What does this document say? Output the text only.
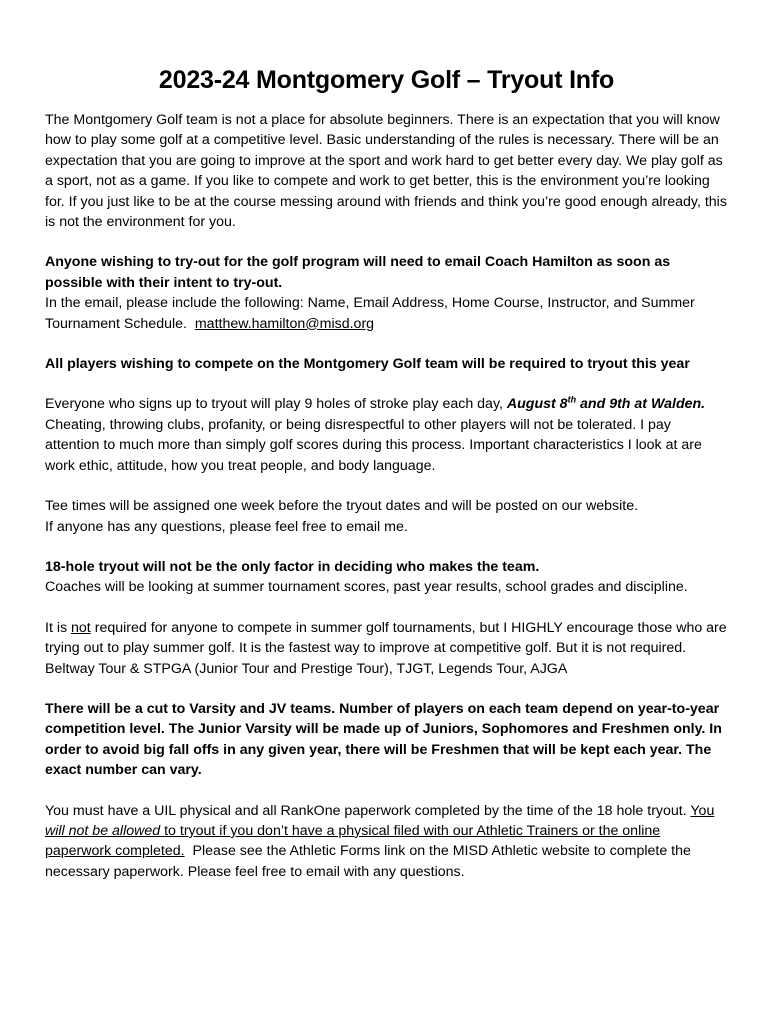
2023-24 Montgomery Golf – Tryout Info

The Montgomery Golf team is not a place for absolute beginners. There is an expectation that you will know how to play some golf at a competitive level. Basic understanding of the rules is necessary. There will be an expectation that you are going to improve at the sport and work hard to get better every day. We play golf as a sport, not as a game. If you like to compete and work to get better, this is the environment you’re looking for. If you just like to be at the course messing around with friends and think you’re good enough already, this is not the environment for you.

Anyone wishing to try-out for the golf program will need to email Coach Hamilton as soon as possible with their intent to try-out.
In the email, please include the following: Name, Email Address, Home Course, Instructor, and Summer Tournament Schedule. matthew.hamilton@misd.org

All players wishing to compete on the Montgomery Golf team will be required to tryout this year

Everyone who signs up to tryout will play 9 holes of stroke play each day, August 8th and 9th at Walden.
Cheating, throwing clubs, profanity, or being disrespectful to other players will not be tolerated. I pay attention to much more than simply golf scores during this process. Important characteristics I look at are work ethic, attitude, how you treat people, and body language.

Tee times will be assigned one week before the tryout dates and will be posted on our website.
If anyone has any questions, please feel free to email me.

18-hole tryout will not be the only factor in deciding who makes the team.
Coaches will be looking at summer tournament scores, past year results, school grades and discipline.

It is not required for anyone to compete in summer golf tournaments, but I HIGHLY encourage those who are trying out to play summer golf. It is the fastest way to improve at competitive golf. But it is not required. Beltway Tour & STPGA (Junior Tour and Prestige Tour), TJGT, Legends Tour, AJGA

There will be a cut to Varsity and JV teams. Number of players on each team depend on year-to-year competition level. The Junior Varsity will be made up of Juniors, Sophomores and Freshmen only. In order to avoid big fall offs in any given year, there will be Freshmen that will be kept each year. The exact number can vary.

You must have a UIL physical and all RankOne paperwork completed by the time of the 18 hole tryout. You will not be allowed to tryout if you don’t have a physical filed with our Athletic Trainers or the online paperwork completed. Please see the Athletic Forms link on the MISD Athletic website to complete the necessary paperwork. Please feel free to email with any questions.
